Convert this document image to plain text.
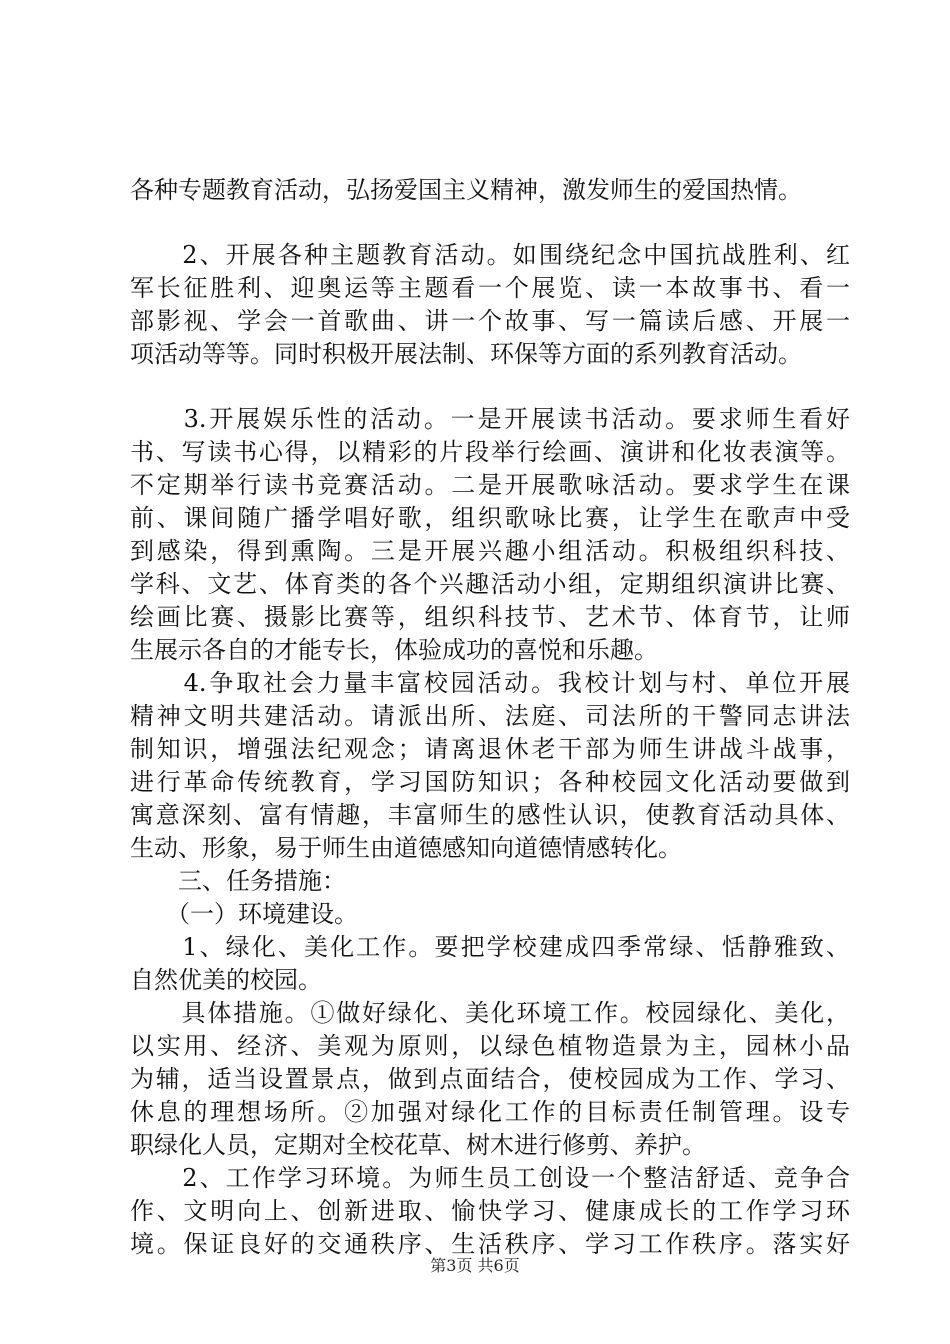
各种专题教育活动，弘扬爱国主义精神，激发师生的爱国热情。
　　2、开展各种主题教育活动。如围绕纪念中国抗战胜利、红
军长征胜利、迎奥运等主题看一个展览、读一本故事书、看一
部影视、学会一首歌曲、讲一个故事、写一篇读后感、开展一
项活动等等。同时积极开展法制、环保等方面的系列教育活动。
　　3.开展娱乐性的活动。一是开展读书活动。要求师生看好
书、写读书心得，以精彩的片段举行绘画、演讲和化妆表演等。
不定期举行读书竞赛活动。二是开展歌咏活动。要求学生在课
前、课间随广播学唱好歌，组织歌咏比赛，让学生在歌声中受
到感染，得到熏陶。三是开展兴趣小组活动。积极组织科技、
学科、文艺、体育类的各个兴趣活动小组，定期组织演讲比赛、
绘画比赛、摄影比赛等，组织科技节、艺术节、体育节，让师
生展示各自的才能专长，体验成功的喜悦和乐趣。
　　4.争取社会力量丰富校园活动。我校计划与村、单位开展
精神文明共建活动。请派出所、法庭、司法所的干警同志讲法
制知识，增强法纪观念；请离退休老干部为师生讲战斗战事，
进行革命传统教育，学习国防知识；各种校园文化活动要做到
寓意深刻、富有情趣，丰富师生的感性认识，使教育活动具体、
生动、形象，易于师生由道德感知向道德情感转化。
　　三、任务措施：
　　（一）环境建设。
　　1、绿化、美化工作。要把学校建成四季常绿、恬静雅致、
自然优美的校园。
　　具体措施。①做好绿化、美化环境工作。校园绿化、美化，
以实用、经济、美观为原则，以绿色植物造景为主，园林小品
为辅，适当设置景点，做到点面结合，使校园成为工作、学习、
休息的理想场所。②加强对绿化工作的目标责任制管理。设专
职绿化人员，定期对全校花草、树木进行修剪、养护。
　　2、工作学习环境。为师生员工创设一个整洁舒适、竞争合
作、文明向上、创新进取、愉快学习、健康成长的工作学习环
境。保证良好的交通秩序、生活秩序、学习工作秩序。落实好
第3页 共6页
